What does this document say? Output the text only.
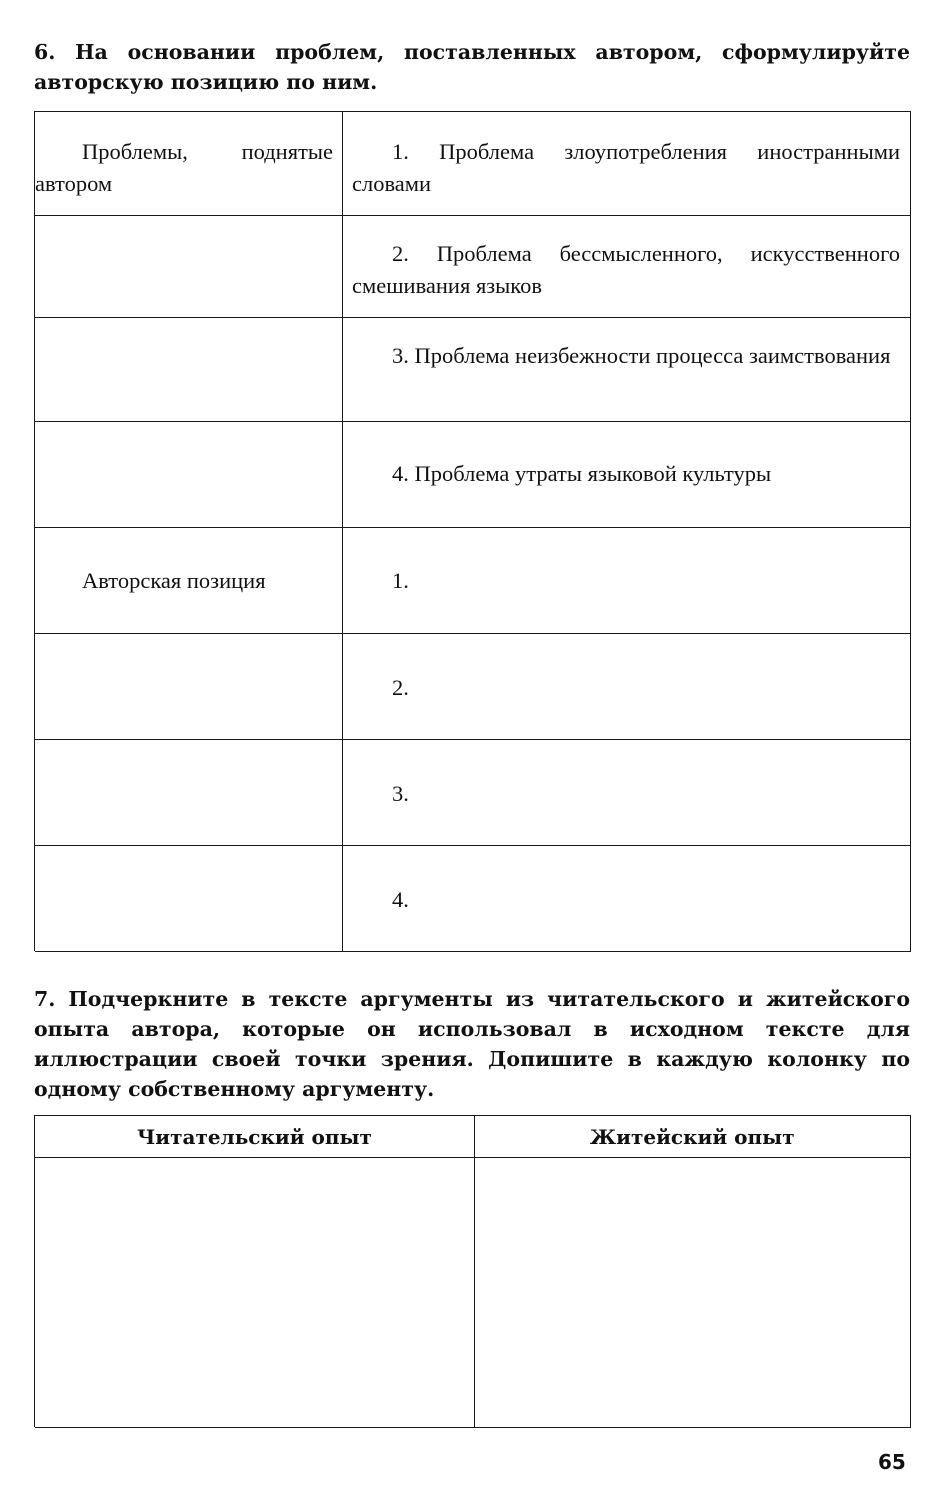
6. На основании проблем, поставленных автором, сформулируйте авторскую позицию по ним.
Проблемы, поднятые автором
1. Проблема злоупотребления иностранными словами
2. Проблема бессмысленного, искусственного смешивания языков
3. Проблема неизбежности процесса заимствования
4. Проблема утраты языковой культуры
Авторская позиция	1.
2.
3.
4.
7. Подчеркните в тексте аргументы из читательского и житейского опыта автора, которые он использовал в исходном тексте для иллюстрации своей точки зрения. Допишите в каждую колонку по одному собственному аргументу.
Читательский опыт	Житейский опыт

65
